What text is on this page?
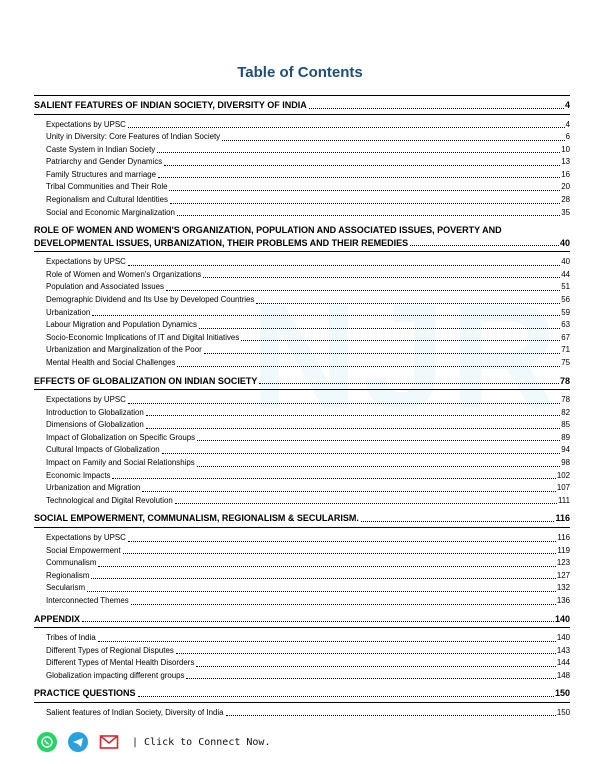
NJR
Table of Contents
SALIENT FEATURES OF INDIAN SOCIETY, DIVERSITY OF INDIA	4
Expectations by UPSC	4
Unity in Diversity: Core Features of Indian Society	6
Caste System in Indian Society	10
Patriarchy and Gender Dynamics	13
Family Structures and marriage	16
Tribal Communities and Their Role	20
Regionalism and Cultural Identities	28
Social and Economic Marginalization	35
ROLE OF WOMEN AND WOMEN'S ORGANIZATION, POPULATION AND ASSOCIATED ISSUES, POVERTY AND
DEVELOPMENTAL ISSUES, URBANIZATION, THEIR PROBLEMS AND THEIR REMEDIES	40
Expectations by UPSC	40
Role of Women and Women's Organizations	44
Population and Associated Issues	51
Demographic Dividend and Its Use by Developed Countries	56
Urbanization	59
Labour Migration and Population Dynamics	63
Socio-Economic Implications of IT and Digital Initiatives	67
Urbanization and Marginalization of the Poor	71
Mental Health and Social Challenges	75
EFFECTS OF GLOBALIZATION ON INDIAN SOCIETY	78
Expectations by UPSC	78
Introduction to Globalization	82
Dimensions of Globalization	85
Impact of Globalization on Specific Groups	89
Cultural Impacts of Globalization	94
Impact on Family and Social Relationships	98
Economic Impacts	102
Urbanization and Migration	107
Technological and Digital Revolution	111
SOCIAL EMPOWERMENT, COMMUNALISM, REGIONALISM & SECULARISM.	116
Expectations by UPSC	116
Social Empowerment	119
Communalism	123
Regionalism	127
Secularism	132
Interconnected Themes	136
APPENDIX	140
Tribes of India	140
Different Types of Regional Disputes	143
Different Types of Mental Health Disorders	144
Globalization impacting different groups	148
PRACTICE QUESTIONS	150
Salient features of Indian Society, Diversity of India	150
| Click to Connect Now.
